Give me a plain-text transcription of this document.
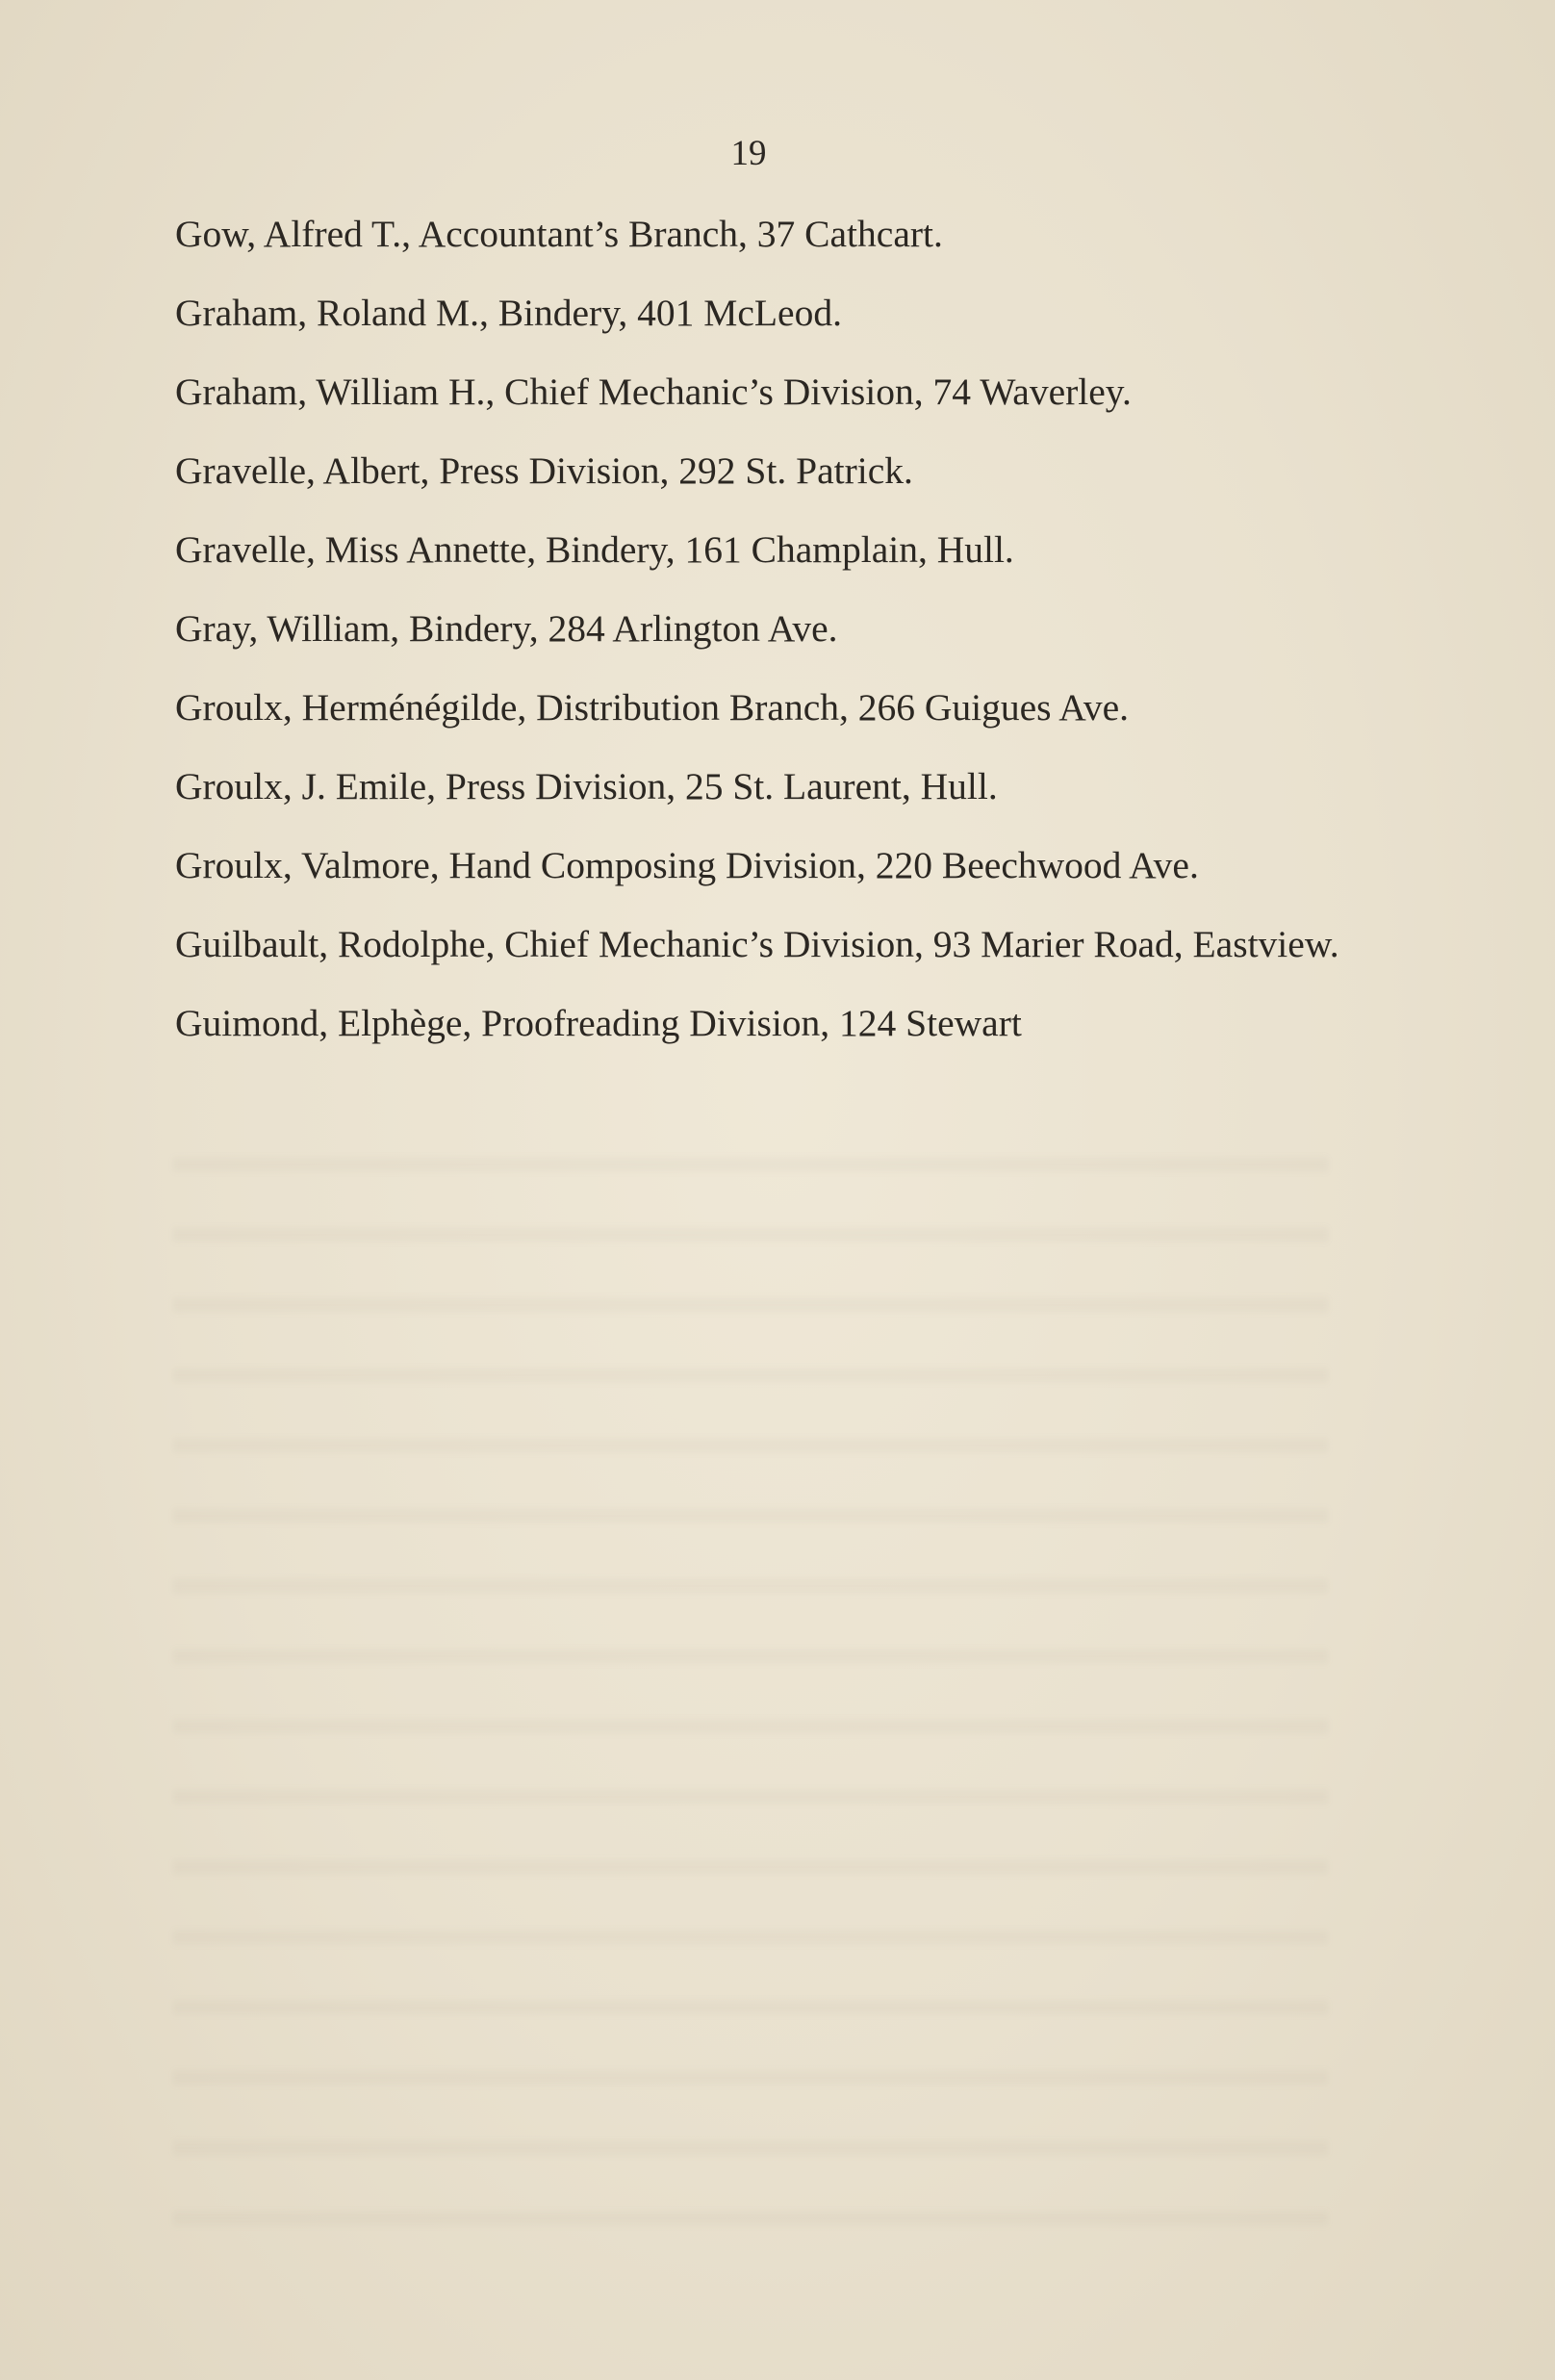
19

Gow, Alfred T., Accountant’s Branch, 37 Cathcart.

Graham, Roland M., Bindery, 401 McLeod.

Graham, William H., Chief Mechanic’s Division, 74 Waverley.

Gravelle, Albert, Press Division, 292 St. Patrick.

Gravelle, Miss Annette, Bindery, 161 Champlain, Hull.

Gray, William, Bindery, 284 Arlington Ave.

Groulx, Herménégilde, Distribution Branch, 266 Guigues Ave.

Groulx, J. Emile, Press Division, 25 St. Laurent, Hull.

Groulx, Valmore, Hand Composing Division, 220 Beechwood Ave.

Guilbault, Rodolphe, Chief Mechanic’s Division, 93 Marier Road, Eastview.

Guimond, Elphège, Proofreading Division, 124 Stewart
